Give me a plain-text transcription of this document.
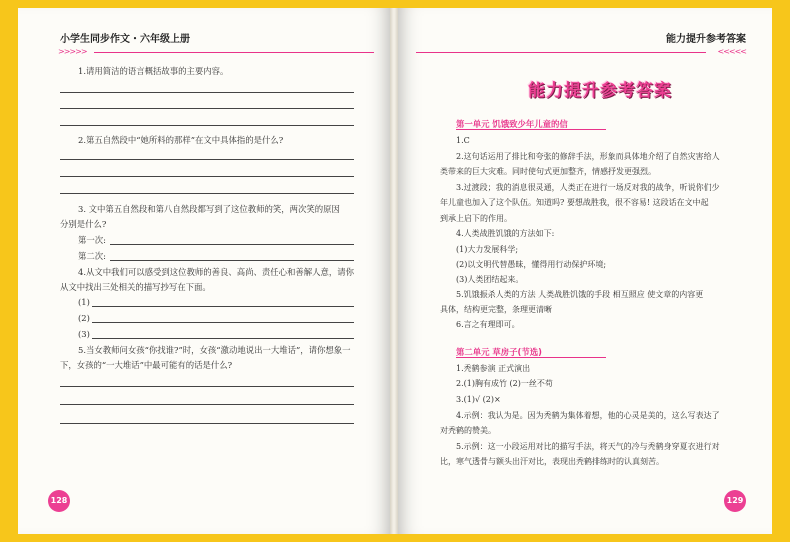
小学生同步作文・六年级上册
>>>>>
1.请用简洁的语言概括故事的主要内容。
2.第五自然段中“她所料的那样”在文中具体指的是什么?
3. 文中第五自然段和第八自然段都写到了这位教师的笑，两次笑的原因
分别是什么?
第一次:
第二次:
4.从文中我们可以感受到这位教师的善良、高尚、责任心和善解人意，请你
从文中找出三处相关的描写抄写在下面。
(1)
(2)
(3)
5.当女教师问女孩“你找谁?”时，女孩“激动地说出一大堆话”，请你想象一
下，女孩的“一大堆话”中最可能有的话是什么?
128
能力提升参考答案
<<<<<
能力提升参考答案
第一单元 饥饿致少年儿童的信
1.C
2.这句话运用了排比和夸张的修辞手法，形象而具体地介绍了自然灾害给人
类带来的巨大灾难。同时使句式更加整齐，情感抒发更强烈。
3.过渡段；我的消息很灵通，人类正在进行一场反对我的战争，听说你们少
年儿童也加入了这个队伍。知道吗? 要想战胜我，很不容易! 这段话在文中起
到承上启下的作用。
4.人类战胜饥饿的方法如下:
(1)大力发展科学;
(2)以文明代替愚昧，懂得用行动保护环境;
(3)人类团结起来。
5.饥饿振杀人类的方法 人类战胜饥饿的手段 相互照应 使文章的内容更
具体，结构更完整，条理更清晰
6.言之有理即可。
第二单元 草房子(节选)
1.秃鹤参演 正式演出
2.(1)胸有成竹 (2)一丝不苟
3.(1)√ (2)×
4.示例：我认为是。因为秃鹤为集体着想，他的心灵是美的，这么写表达了
对秃鹤的赞美。
5.示例：这一小段运用对比的描写手法，将天气的冷与秃鹤身穿夏衣进行对
比，寒气透骨与额头出汗对比，表现出秃鹤排练时的认真刻苦。
129
